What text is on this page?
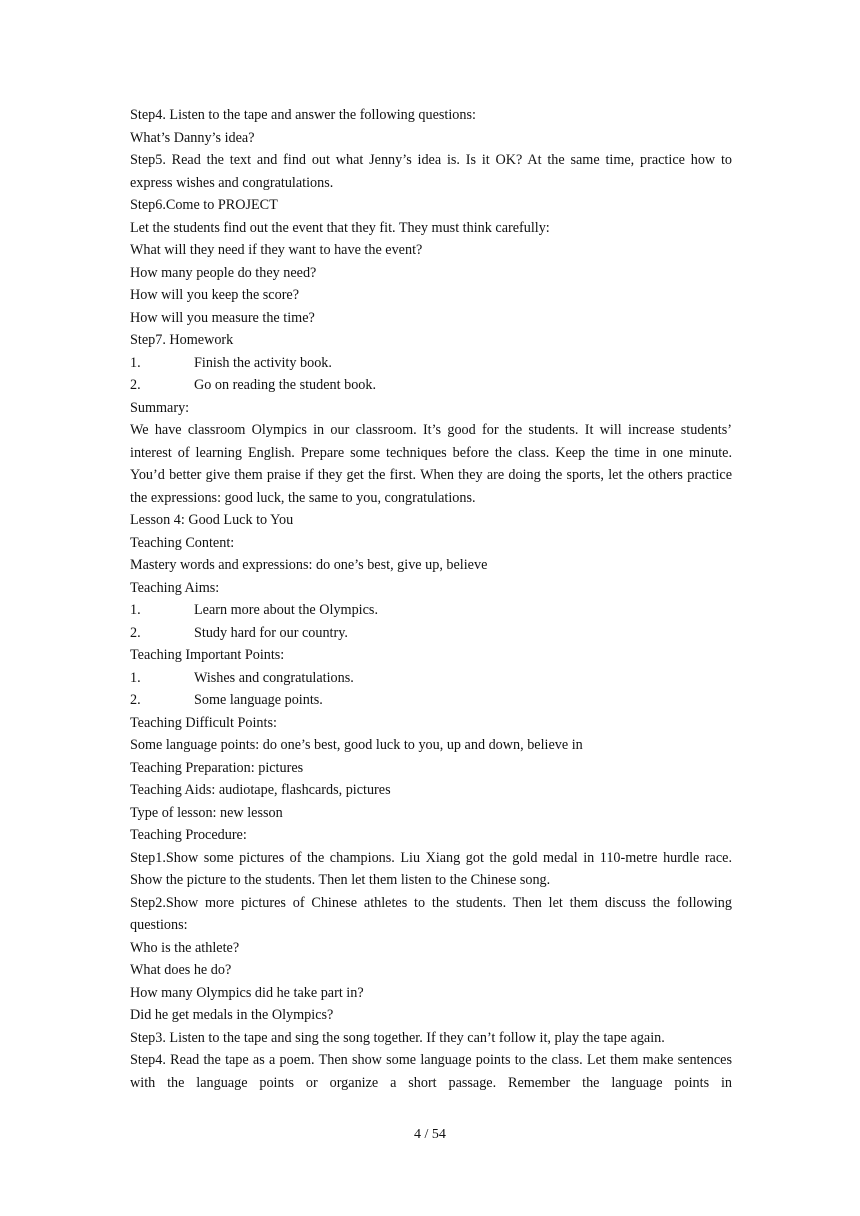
Step4. Listen to the tape and answer the following questions:

What’s Danny’s idea?

Step5. Read the text and find out what Jenny’s idea is. Is it OK? At the same time, practice how to express wishes and congratulations.

Step6.Come to PROJECT

Let the students find out the event that they fit. They must think carefully:

What will they need if they want to have the event?

How many people do they need?

How will you keep the score?

How will you measure the time?

Step7. Homework

1.	Finish the activity book.

2.	Go on reading the student book.

Summary:

We have classroom Olympics in our classroom. It’s good for the students. It will increase students’ interest of learning English. Prepare some techniques before the class. Keep the time in one minute. You’d better give them praise if they get the first. When they are doing the sports, let the others practice the expressions: good luck, the same to you, congratulations.

Lesson 4: Good Luck to You

Teaching Content:

Mastery words and expressions: do one’s best, give up, believe

Teaching Aims:

1.	Learn more about the Olympics.

2.	Study hard for our country.

Teaching Important Points:

1.	Wishes and congratulations.

2.	Some language points.

Teaching Difficult Points:

Some language points: do one’s best, good luck to you, up and down, believe in

Teaching Preparation: pictures

Teaching Aids: audiotape, flashcards, pictures

Type of lesson: new lesson

Teaching Procedure:

Step1.Show some pictures of the champions. Liu Xiang got the gold medal in 110-metre hurdle race. Show the picture to the students. Then let them listen to the Chinese song.

Step2.Show more pictures of Chinese athletes to the students. Then let them discuss the following questions:

Who is the athlete?

What does he do?

How many Olympics did he take part in?

Did he get medals in the Olympics?

Step3. Listen to the tape and sing the song together. If they can’t follow it, play the tape again.

Step4. Read the tape as a poem. Then show some language points to the class. Let them make sentences with the language points or organize a short passage. Remember the language points in

4 / 54
